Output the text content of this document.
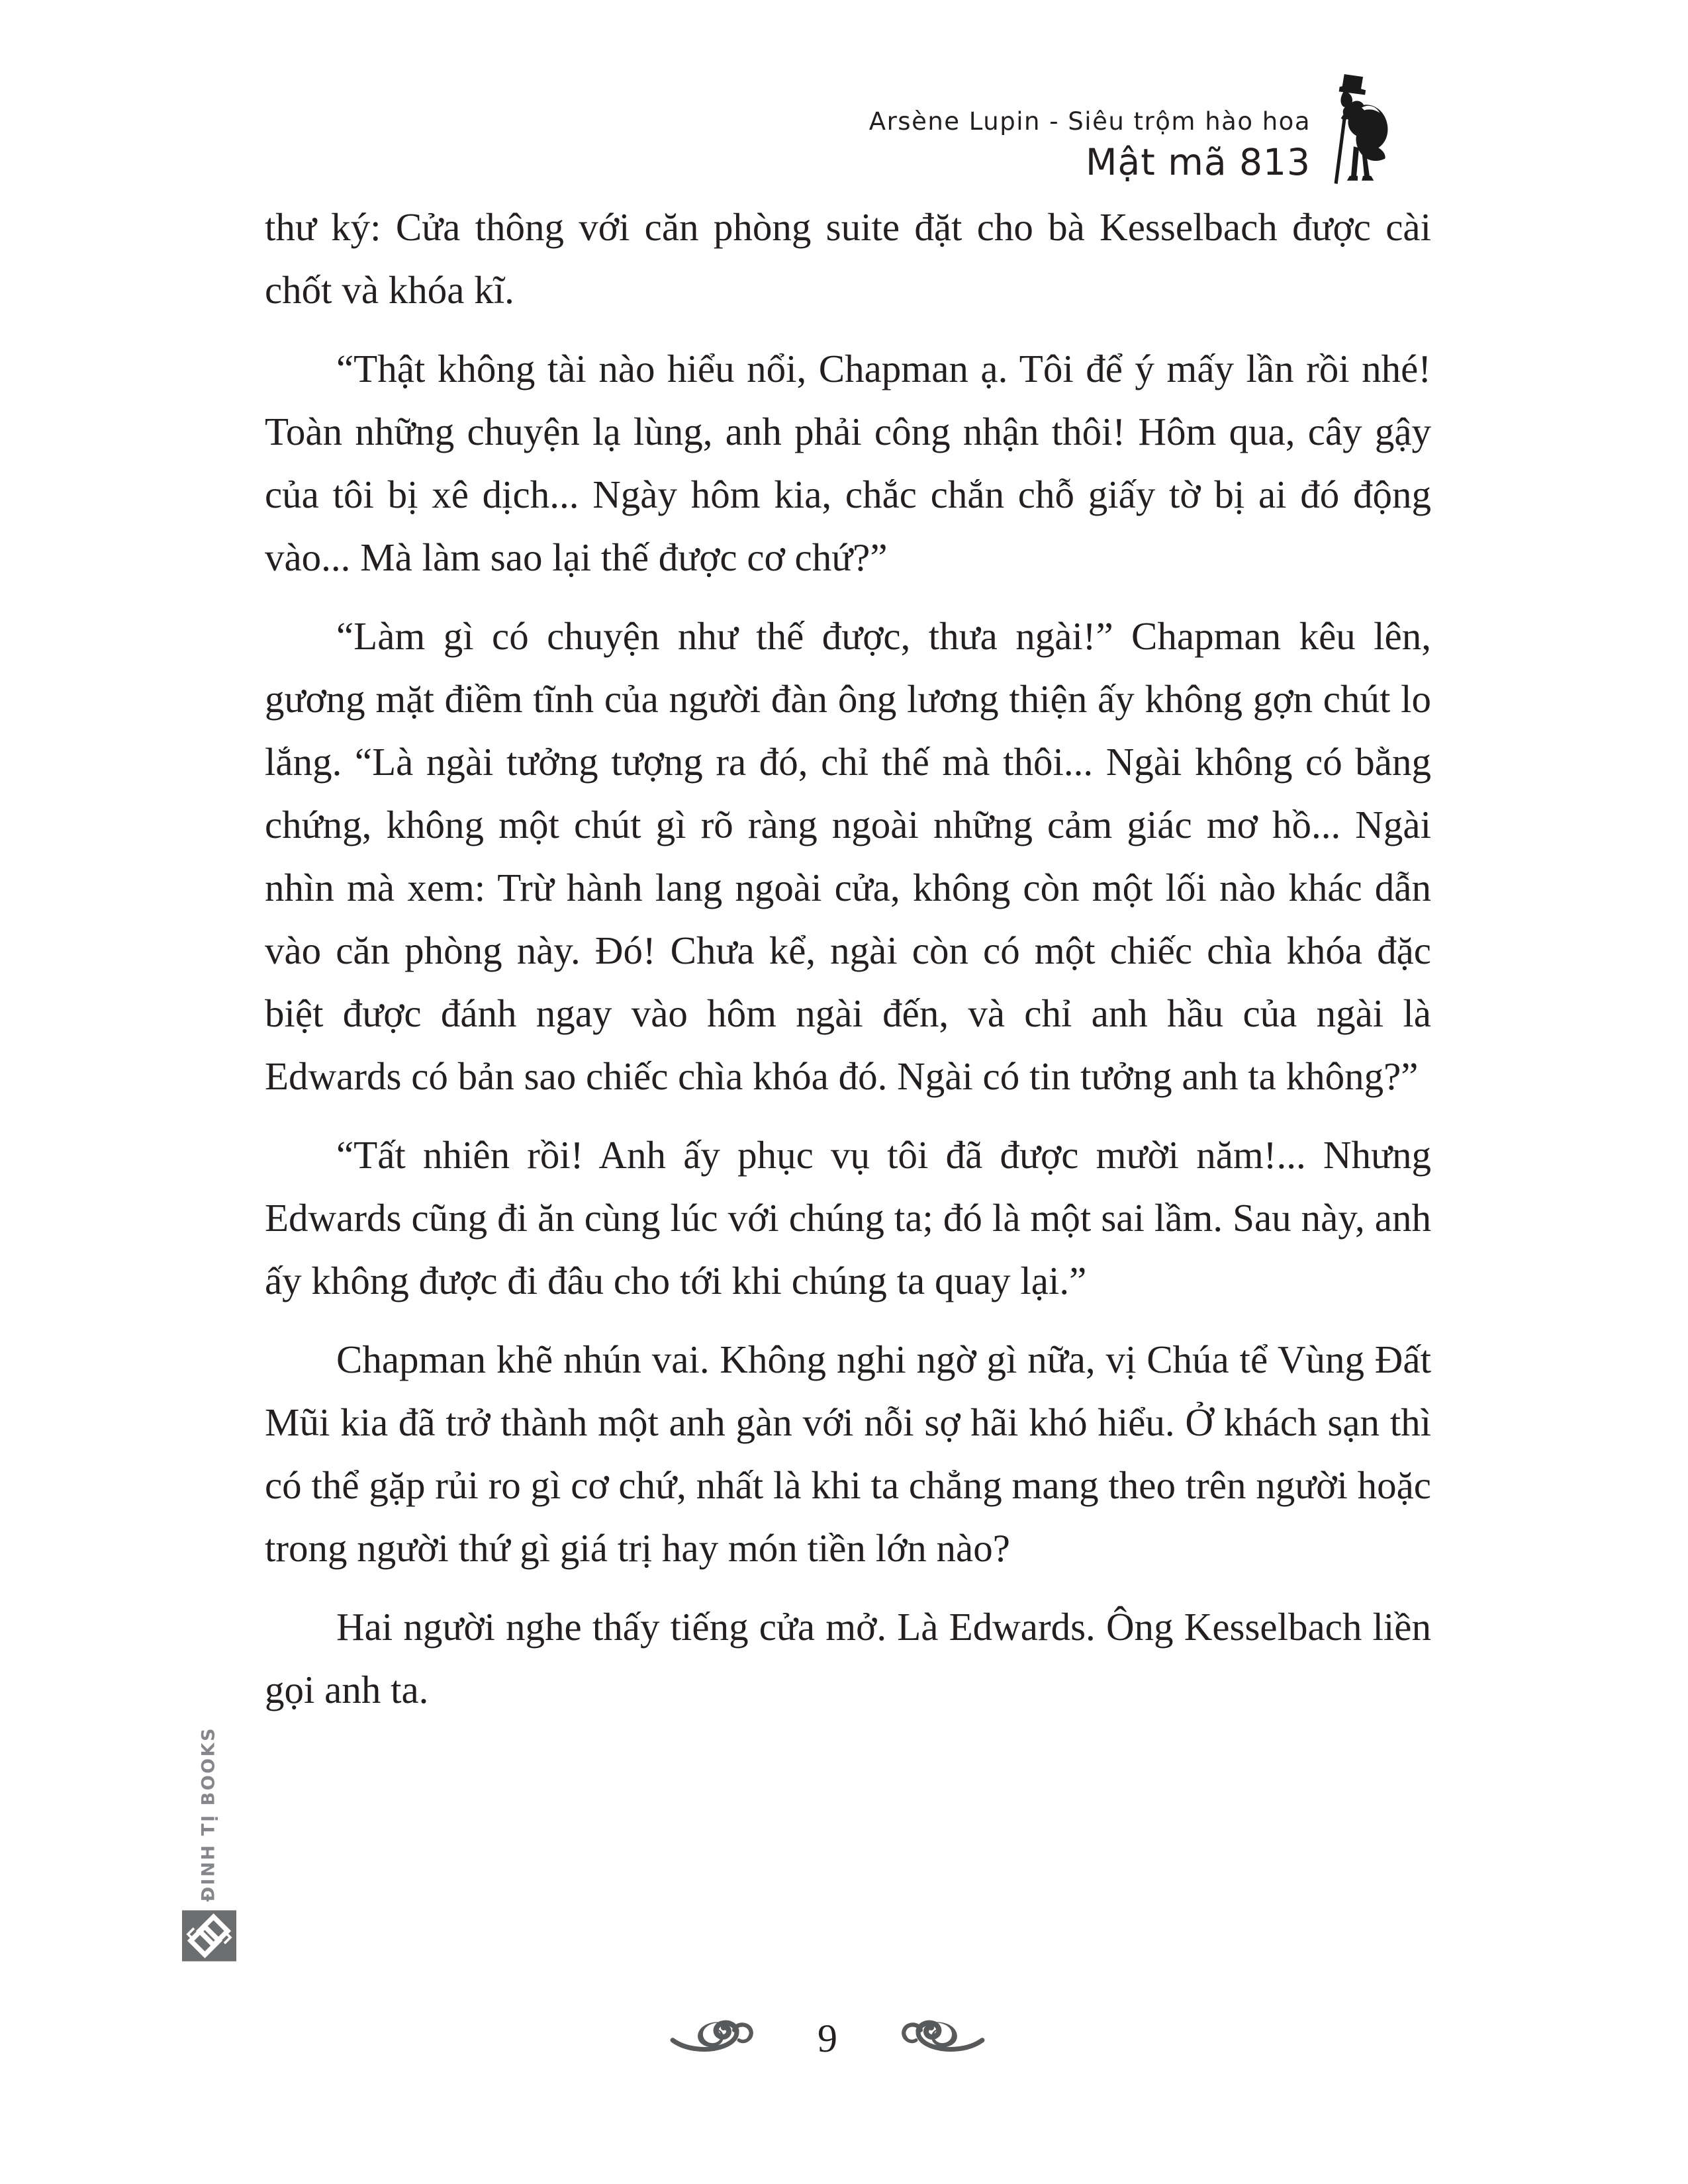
Arsène Lupin - Siêu trộm hào hoa
Mật mã 813

thư ký: Cửa thông với căn phòng suite đặt cho bà Kesselbach được cài chốt và khóa kĩ.

“Thật không tài nào hiểu nổi, Chapman ạ. Tôi để ý mấy lần rồi nhé! Toàn những chuyện lạ lùng, anh phải công nhận thôi! Hôm qua, cây gậy của tôi bị xê dịch... Ngày hôm kia, chắc chắn chỗ giấy tờ bị ai đó động vào... Mà làm sao lại thế được cơ chứ?”

“Làm gì có chuyện như thế được, thưa ngài!” Chapman kêu lên, gương mặt điềm tĩnh của người đàn ông lương thiện ấy không gợn chút lo lắng. “Là ngài tưởng tượng ra đó, chỉ thế mà thôi... Ngài không có bằng chứng, không một chút gì rõ ràng ngoài những cảm giác mơ hồ... Ngài nhìn mà xem: Trừ hành lang ngoài cửa, không còn một lối nào khác dẫn vào căn phòng này. Đó! Chưa kể, ngài còn có một chiếc chìa khóa đặc biệt được đánh ngay vào hôm ngài đến, và chỉ anh hầu của ngài là Edwards có bản sao chiếc chìa khóa đó. Ngài có tin tưởng anh ta không?”

“Tất nhiên rồi! Anh ấy phục vụ tôi đã được mười năm!... Nhưng Edwards cũng đi ăn cùng lúc với chúng ta; đó là một sai lầm. Sau này, anh ấy không được đi đâu cho tới khi chúng ta quay lại.”

Chapman khẽ nhún vai. Không nghi ngờ gì nữa, vị Chúa tể Vùng Đất Mũi kia đã trở thành một anh gàn với nỗi sợ hãi khó hiểu. Ở khách sạn thì có thể gặp rủi ro gì cơ chứ, nhất là khi ta chẳng mang theo trên người hoặc trong người thứ gì giá trị hay món tiền lớn nào?

Hai người nghe thấy tiếng cửa mở. Là Edwards. Ông Kesselbach liền gọi anh ta.

ĐINH TỊ BOOKS
9
